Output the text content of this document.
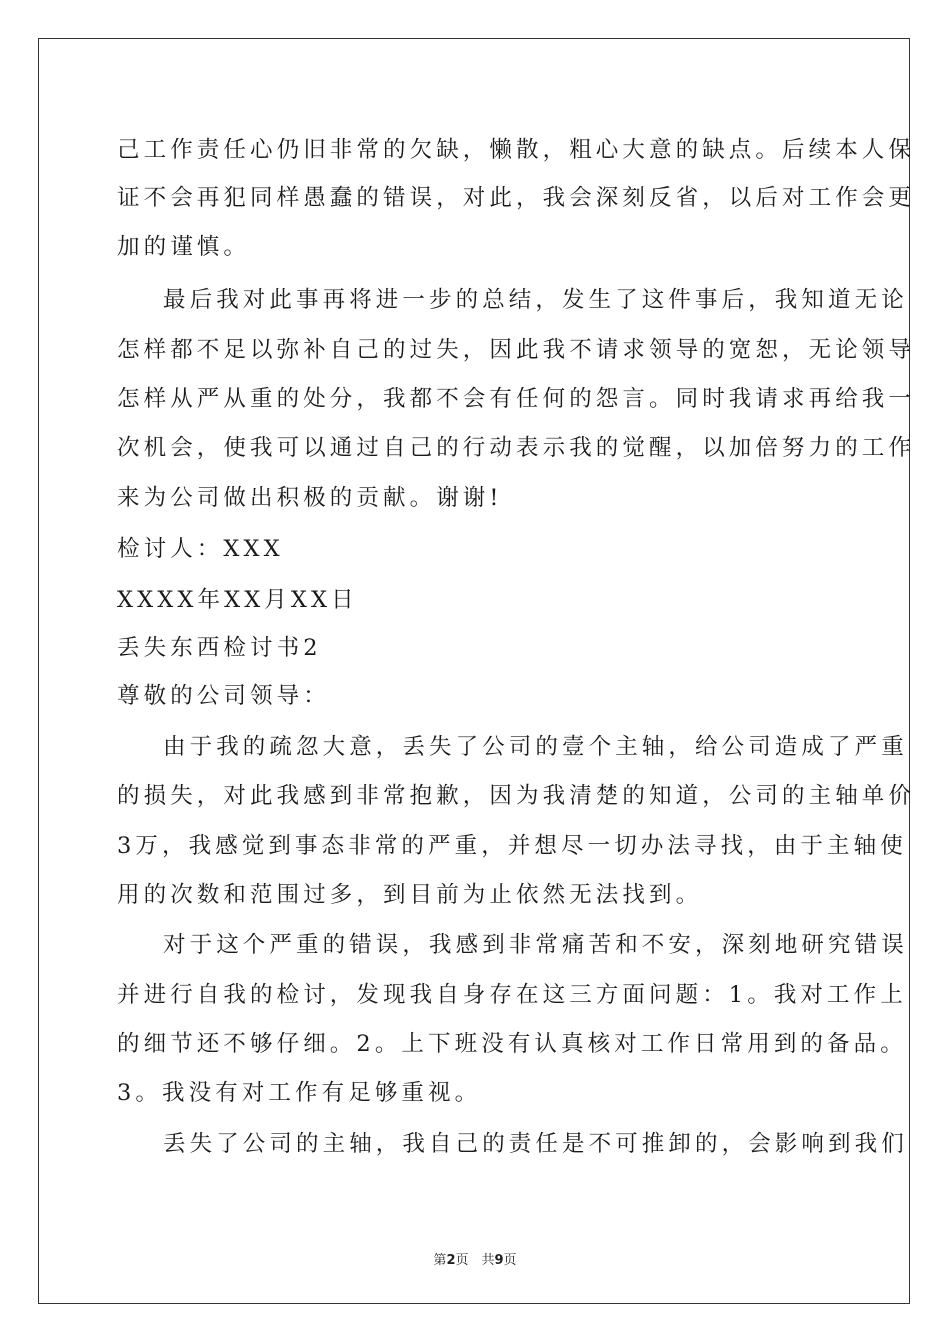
己工作责任心仍旧非常的欠缺，懒散，粗心大意的缺点。后续本人保
证不会再犯同样愚蠢的错误，对此，我会深刻反省，以后对工作会更
加的谨慎。
最后我对此事再将进一步的总结，发生了这件事后，我知道无论
怎样都不足以弥补自己的过失，因此我不请求领导的宽恕，无论领导
怎样从严从重的处分，我都不会有任何的怨言。同时我请求再给我一
次机会，使我可以通过自己的行动表示我的觉醒，以加倍努力的工作
来为公司做出积极的贡献。谢谢!
检讨人：XXX
XXXX年XX月XX日
丢失东西检讨书2
尊敬的公司领导：
由于我的疏忽大意，丢失了公司的壹个主轴，给公司造成了严重
的损失，对此我感到非常抱歉，因为我清楚的知道，公司的主轴单价
3万，我感觉到事态非常的严重，并想尽一切办法寻找，由于主轴使
用的次数和范围过多，到目前为止依然无法找到。
对于这个严重的错误，我感到非常痛苦和不安，深刻地研究错误
并进行自我的检讨，发现我自身存在这三方面问题：1。我对工作上
的细节还不够仔细。2。上下班没有认真核对工作日常用到的备品。
3。我没有对工作有足够重视。
丢失了公司的主轴，我自己的责任是不可推卸的，会影响到我们
第2页　共9页
